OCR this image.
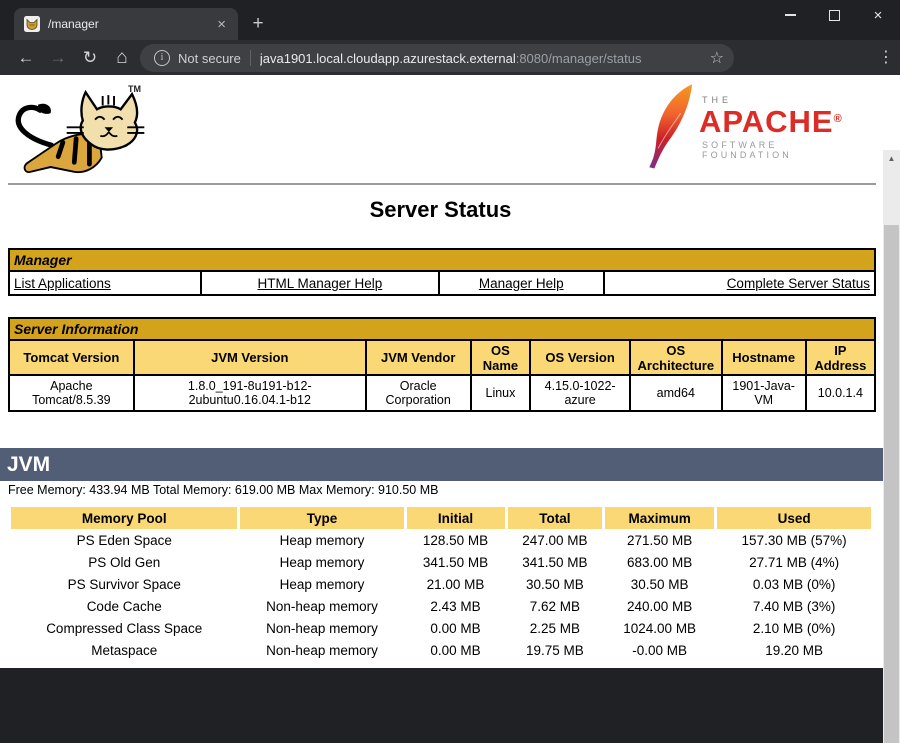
/manager	×	+	×
← → ↻	⌂	i	Not secure java1901.local.cloudapp.azurestack.external:8080/manager/status	☆	⋮
TM
THE
APACHE®
SOFTWARE FOUNDATION
Server Status
Manager
List Applications	HTML Manager Help	Manager Help	Complete Server Status
Server Information							
Tomcat Version	JVM Version	JVM Vendor	OS Name	OS Version	OS Architecture	Hostname	IP Address
Apache Tomcat/8.5.39	1.8.0_191-8u191-b12-2ubuntu0.16.04.1-b12	Oracle Corporation	Linux	4.15.0-1022-azure	amd64	1901-Java-VM	10.0.1.4
JVM
Free Memory: 433.94 MB Total Memory: 619.00 MB Max Memory: 910.50 MB
Memory Pool	Type	Initial	Total	Maximum	Used
PS Eden Space	Heap memory	128.50 MB	247.00 MB	271.50 MB	157.30 MB (57%)
PS Old Gen	Heap memory	341.50 MB	341.50 MB	683.00 MB	27.71 MB (4%)
PS Survivor Space	Heap memory	21.00 MB	30.50 MB	30.50 MB	0.03 MB (0%)
Code Cache	Non-heap memory	2.43 MB	7.62 MB	240.00 MB	7.40 MB (3%)
Compressed Class Space	Non-heap memory	0.00 MB	2.25 MB	1024.00 MB	2.10 MB (0%)
Metaspace	Non-heap memory	0.00 MB	19.75 MB	-0.00 MB	19.20 MB
▲
